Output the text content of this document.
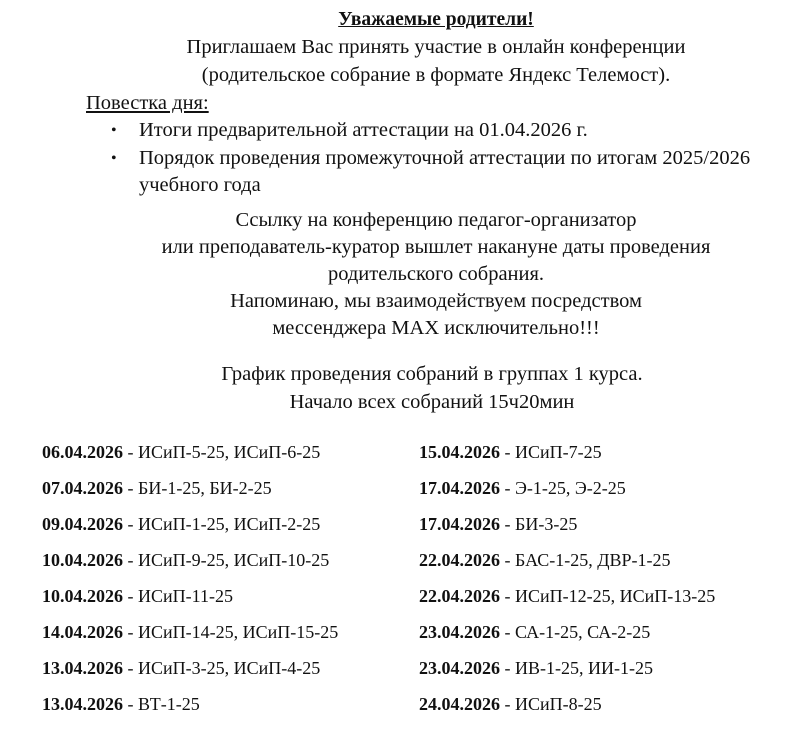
Уважаемые родители!

Приглашаем Вас принять участие в онлайн конференции
(родительское собрание в формате Яндекс Телемост).

Повестка дня:

• Итоги предварительной аттестации на 01.04.2026 г.
• Порядок проведения промежуточной аттестации по итогам 2025/2026 учебного года

Ссылку на конференцию педагог-организатор
или преподаватель-куратор вышлет накануне даты проведения
родительского собрания.
Напоминаю, мы взаимодействуем посредством
мессенджера MAX исключительно!!!

График проведения собраний в группах 1 курса.
Начало всех собраний 15ч20мин

06.04.2026 - ИСиП-5-25, ИСиП-6-25	15.04.2026 - ИСиП-7-25
07.04.2026 - БИ-1-25, БИ-2-25	17.04.2026 - Э-1-25, Э-2-25
09.04.2026 - ИСиП-1-25, ИСиП-2-25	17.04.2026 - БИ-3-25
10.04.2026 - ИСиП-9-25, ИСиП-10-25	22.04.2026 - БАС-1-25, ДВР-1-25
10.04.2026 - ИСиП-11-25	22.04.2026 - ИСиП-12-25, ИСиП-13-25
14.04.2026 - ИСиП-14-25, ИСиП-15-25	23.04.2026 - СА-1-25, СА-2-25
13.04.2026 - ИСиП-3-25, ИСиП-4-25	23.04.2026 - ИВ-1-25, ИИ-1-25
13.04.2026 - ВТ-1-25	24.04.2026 - ИСиП-8-25
